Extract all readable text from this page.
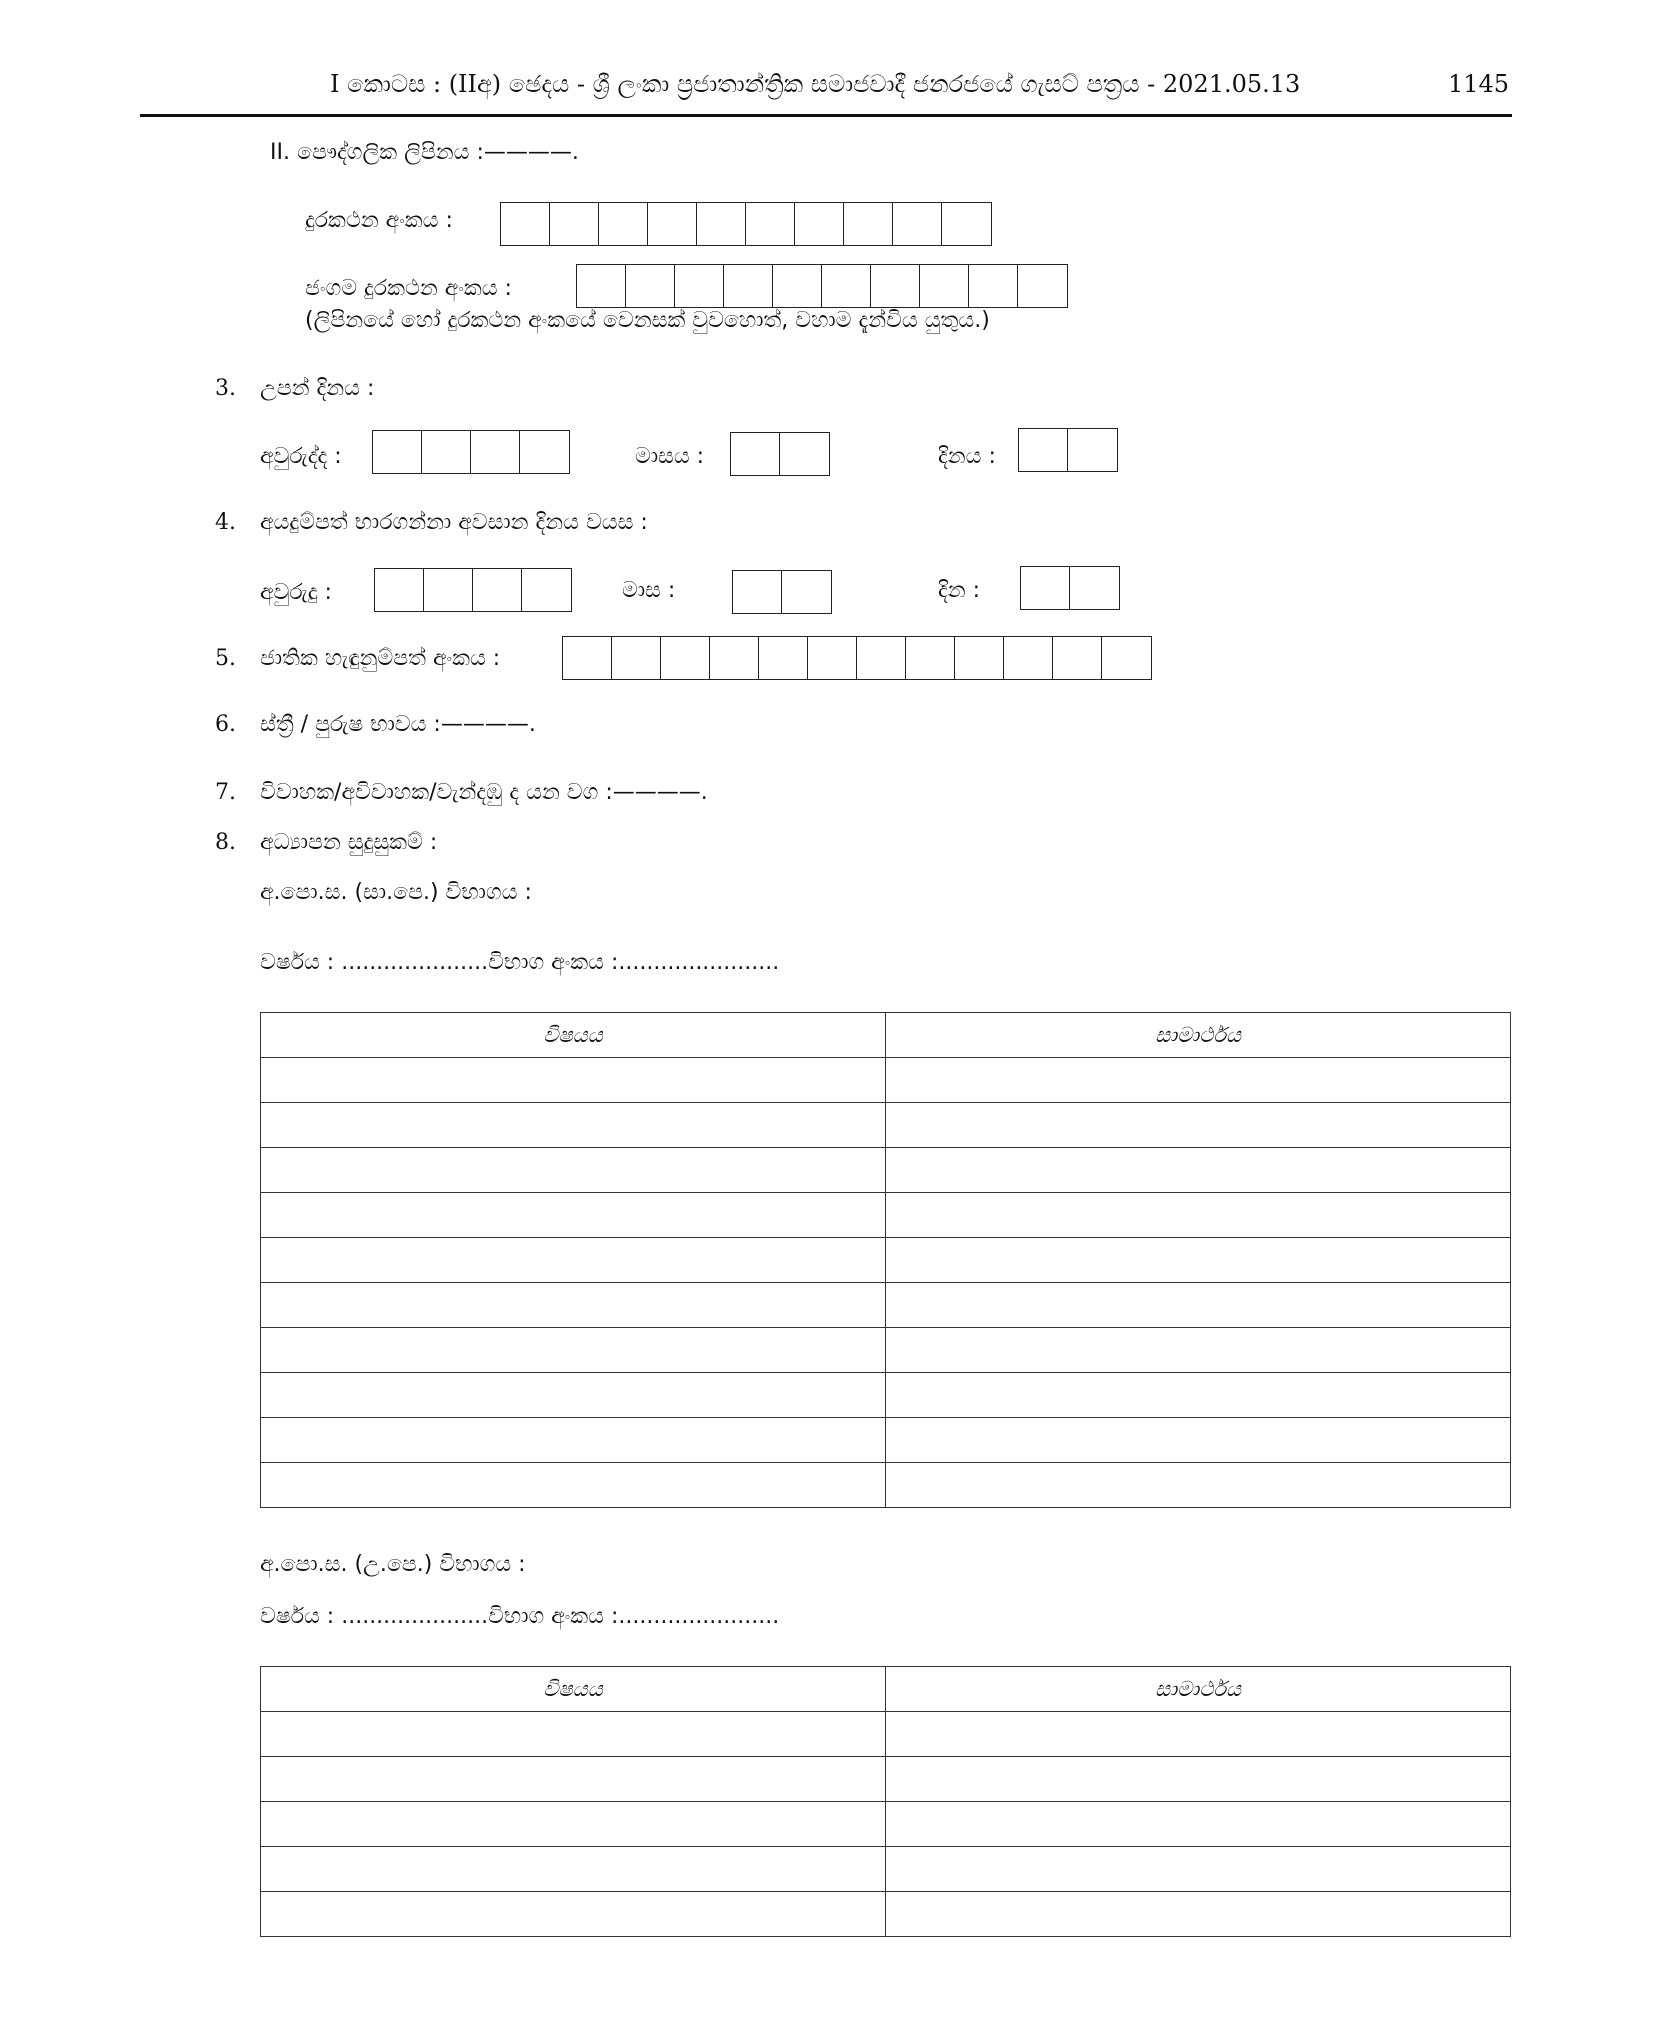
I කොටස : (IIඅ) ඡෙදය - ශ්‍රී ලංකා ප්‍රජාතාන්ත්‍රික සමාජවාදී ජනරජයේ ගැසට් පත්‍රය - 2021.05.13	1145
II. පෞද්ගලික ලිපිනය :————.
දුරකථන අංකය :
ජංගම දුරකථන අංකය :
(ලිපිනයේ හෝ දුරකථන අංකයේ වෙනසක් වුවහොත්, වහාම දැන්විය යුතුය.)
3. උපන් දිනය :
අවුරුද්ද :	මාසය :	දිනය :
4. අයදුම්පත් භාරගන්නා අවසාන දිනය වයස :
අවුරුදු :	මාස :	දින :
5. ජාතික හැඳුනුම්පත් අංකය :
6. ස්ත්‍රී / පුරුෂ භාවය :————.
7. විවාහක/අවිවාහක/වැන්දඹු ද යන වග :————.
8. අධ්‍යාපන සුදුසුකම් :
අ.පො.ස. (සා.පෙ.) විභාගය :
වර්ෂය : .....................විභාග අංකය :.......................
විෂයය	සාමාර්ථය

අ.පො.ස. (උ.පෙ.) විභාගය :
වර්ෂය : .....................විභාග අංකය :.......................
විෂයය	සාමාර්ථය
